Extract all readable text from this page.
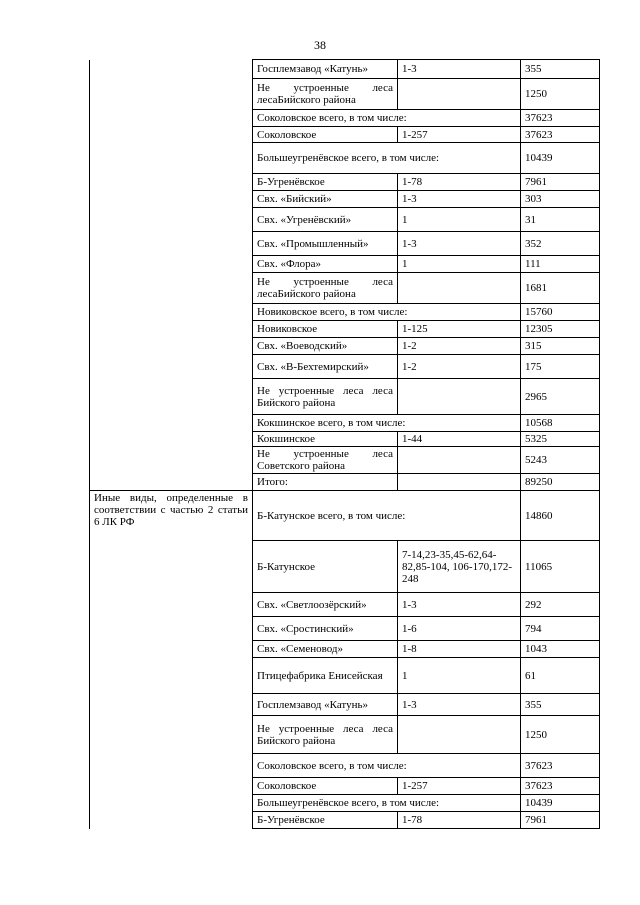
38
	Госплемзавод «Катунь»	1-3	355
	Не устроенные леса лесаБийского района		1250
	Соколовское всего, в том числе:		37623
	Соколовское	1-257	37623
	Большеугренёвское всего, в том числе:		10439
	Б-Угренёвское	1-78	7961
	Свх. «Бийский»	1-3	303
	Свх. «Угренёвский»	1	31
	Свх. «Промышленный»	1-3	352
	Свх. «Флора»	1	111
	Не устроенные леса лесаБийского района		1681
	Новиковское всего, в том числе:		15760
	Новиковское	1-125	12305
	Свх. «Воеводский»	1-2	315
	Свх. «В-Бехтемирский»	1-2	175
	Не устроенные леса леса Бийского района		2965
	Кокшинское всего, в том числе:		10568
	Кокшинское	1-44	5325
	Не устроенные леса Советского района		5243
	Итого:		89250
Иные виды, определенные в соответствии с частью 2 статьи 6 ЛК РФ	Б-Катунское всего, в том числе:		14860
	Б-Катунское	7-14,23-35,45-62,64-82,85-104, 106-170,172-248	11065
	Свх. «Светлоозёрский»	1-3	292
	Свх. «Сростинский»	1-6	794
	Свх. «Семеновод»	1-8	1043
	Птицефабрика Енисейская	1	61
	Госплемзавод «Катунь»	1-3	355
	Не устроенные леса леса Бийского района		1250
	Соколовское всего, в том числе:		37623
	Соколовское	1-257	37623
	Большеугренёвское всего, в том числе:		10439
	Б-Угренёвское	1-78	7961
